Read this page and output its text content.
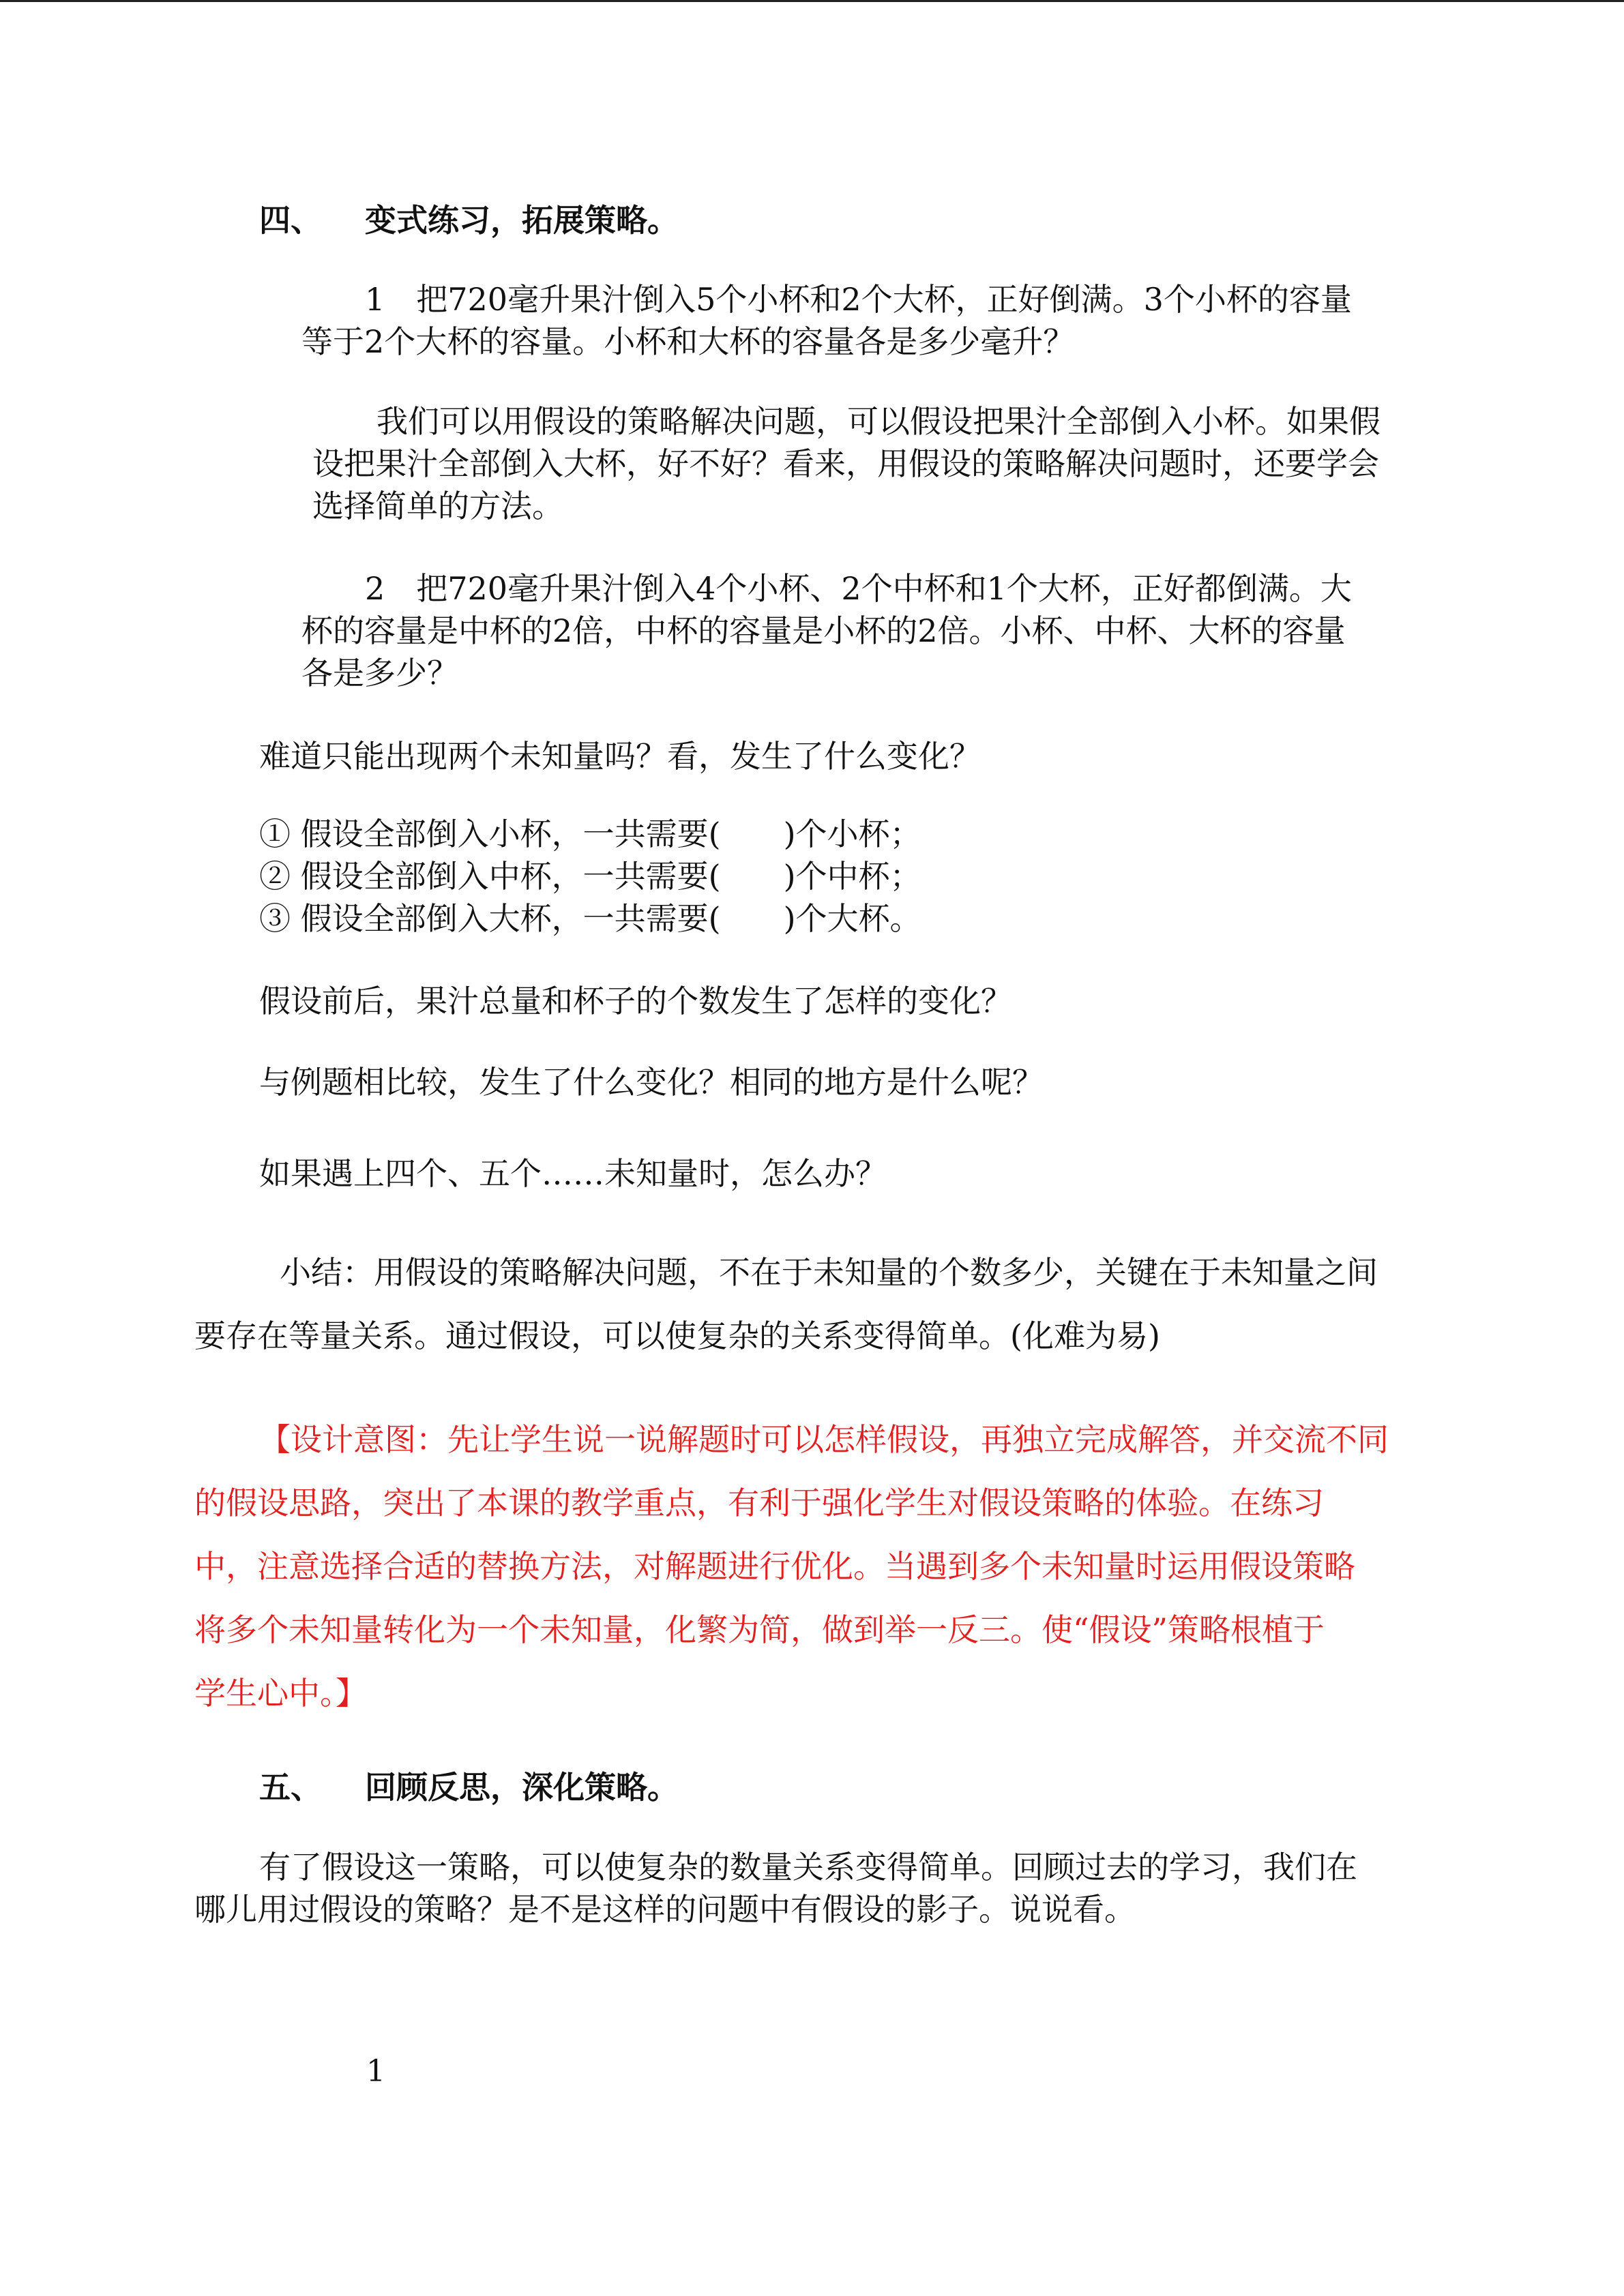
四、 变式练习，拓展策略。
1　把720毫升果汁倒入5个小杯和2个大杯，正好倒满。3个小杯的容量
等于2个大杯的容量。小杯和大杯的容量各是多少毫升？
我们可以用假设的策略解决问题，可以假设把果汁全部倒入小杯。如果假
设把果汁全部倒入大杯，好不好？看来，用假设的策略解决问题时，还要学会
选择简单的方法。
2　把720毫升果汁倒入4个小杯、2个中杯和1个大杯，正好都倒满。大
杯的容量是中杯的2倍，中杯的容量是小杯的2倍。小杯、中杯、大杯的容量
各是多少？
难道只能出现两个未知量吗？看，发生了什么变化？
① 假设全部倒入小杯，一共需要(　　)个小杯；
② 假设全部倒入中杯，一共需要(　　)个中杯；
③ 假设全部倒入大杯，一共需要(　　)个大杯。
假设前后，果汁总量和杯子的个数发生了怎样的变化？
与例题相比较，发生了什么变化？相同的地方是什么呢？
如果遇上四个、五个……未知量时，怎么办？
小结：用假设的策略解决问题，不在于未知量的个数多少，关键在于未知量之间
要存在等量关系。通过假设，可以使复杂的关系变得简单。(化难为易)
【设计意图：先让学生说一说解题时可以怎样假设，再独立完成解答，并交流不同
的假设思路，突出了本课的教学重点，有利于强化学生对假设策略的体验。在练习
中，注意选择合适的替换方法，对解题进行优化。当遇到多个未知量时运用假设策略
将多个未知量转化为一个未知量，化繁为简，做到举一反三。使“假设”策略根植于
学生心中。】
五、 回顾反思，深化策略。
有了假设这一策略，可以使复杂的数量关系变得简单。回顾过去的学习，我们在
哪儿用过假设的策略？是不是这样的问题中有假设的影子。说说看。
1
